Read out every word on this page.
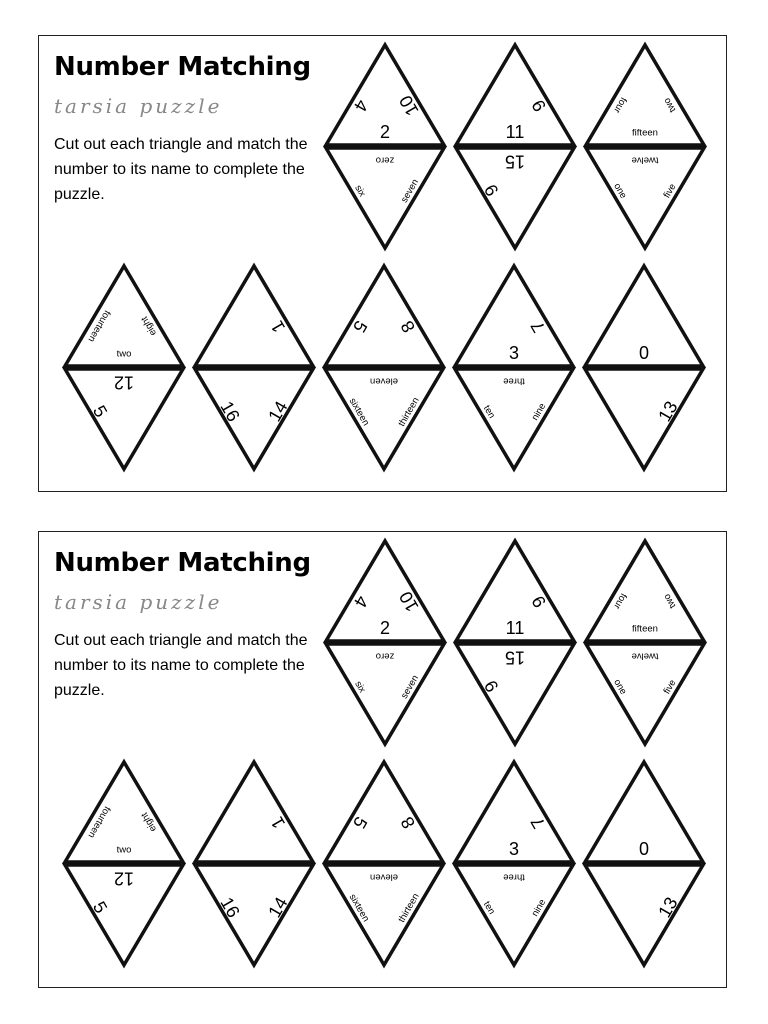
Number Matching
tarsia puzzle

Cut out each triangle and match the number to its name to complete the puzzle.

4 10
2
zero
six	seven
9
11
15
6
four	two
fifteen
twelve
one	five
fourteen	eight
two
12
5
1
16 14
5 8
eleven
sixteen	thirteen
7
3
three
ten	nine
0
13
Number Matching
tarsia puzzle

Cut out each triangle and match the number to its name to complete the puzzle.

4 10
2
zero
six	seven
9
11
15
6
four	two
fifteen
twelve
one	five
fourteen	eight
two
12
5
1
16 14
5 8
eleven
sixteen	thirteen
7
3
three
ten	nine
0
13
